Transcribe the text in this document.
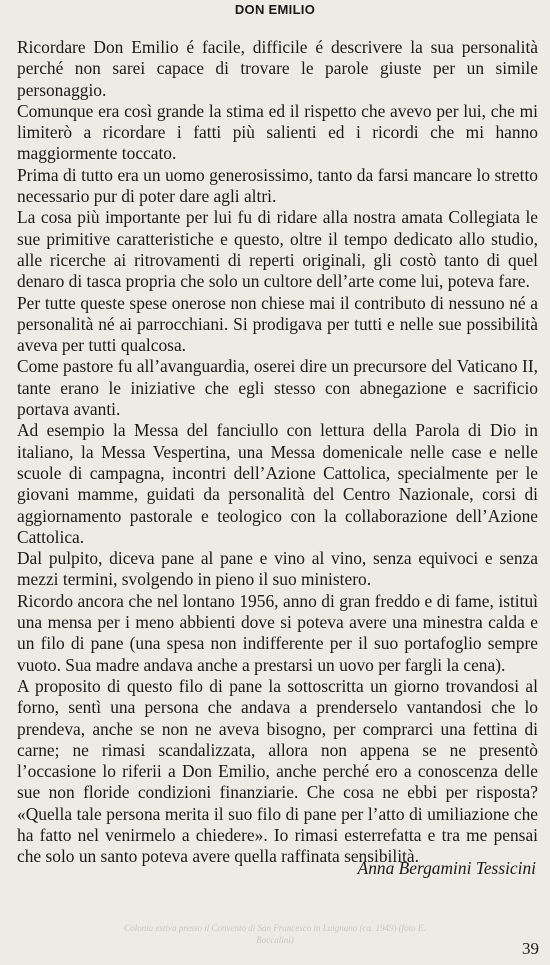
DON EMILIO

Ricordare Don Emilio é facile, difficile é descrivere la sua personalità perché non sarei capace di trovare le parole giuste per un simile personaggio.

Comunque era così grande la stima ed il rispetto che avevo per lui, che mi limiterò a ricordare i fatti più salienti ed i ricordi che mi hanno maggiormente toccato.

Prima di tutto era un uomo generosissimo, tanto da farsi mancare lo stretto necessario pur di poter dare agli altri.

La cosa più importante per lui fu di ridare alla nostra amata Collegiata le sue primitive caratteristiche e questo, oltre il tempo dedicato allo studio, alle ricerche ai ritrovamenti di reperti originali, gli costò tanto di quel denaro di tasca propria che solo un cultore dell’arte come lui, poteva fare.

Per tutte queste spese onerose non chiese mai il contributo di nessuno né a personalità né ai parrocchiani. Si prodigava per tutti e nelle sue possibilità aveva per tutti qualcosa.

Come pastore fu all’avanguardia, oserei dire un precursore del Vaticano II, tante erano le iniziative che egli stesso con abnegazione e sacrificio portava avanti.

Ad esempio la Messa del fanciullo con lettura della Parola di Dio in italiano, la Messa Vespertina, una Messa domenicale nelle case e nelle scuole di campagna, incontri dell’Azione Cattolica, specialmente per le giovani mamme, guidati da personalità del Centro Nazionale, corsi di aggiornamento pastorale e teologico con la collaborazione dell’Azione Cattolica.

Dal pulpito, diceva pane al pane e vino al vino, senza equivoci e senza mezzi termini, svolgendo in pieno il suo ministero.

Ricordo ancora che nel lontano 1956, anno di gran freddo e di fame, istituì una mensa per i meno abbienti dove si poteva avere una minestra calda e un filo di pane (una spesa non indifferente per il suo portafoglio sempre vuoto. Sua madre andava anche a prestarsi un uovo per fargli la cena).

A proposito di questo filo di pane la sottoscritta un giorno trovandosi al forno, sentì una persona che andava a prenderselo vantandosi che lo prendeva, anche se non ne aveva bisogno, per comprarci una fettina di carne; ne rimasi scandalizzata, allora non appena se ne presentò l’occasione lo riferii a Don Emilio, anche perché ero a conoscenza delle sue non floride condizioni finanziarie. Che cosa ne ebbi per risposta? «Quella tale persona merita il suo filo di pane per l’atto di umiliazione che ha fatto nel venirmelo a chiedere». Io rimasi esterrefatta e tra me pensai che solo un santo poteva avere quella raffinata sensibilità.

Anna Bergamini Tessicini
Colonia estiva presso il Convento di San Francesco in Luignano (ca. 1949) (foto E. Boccalini)	39
